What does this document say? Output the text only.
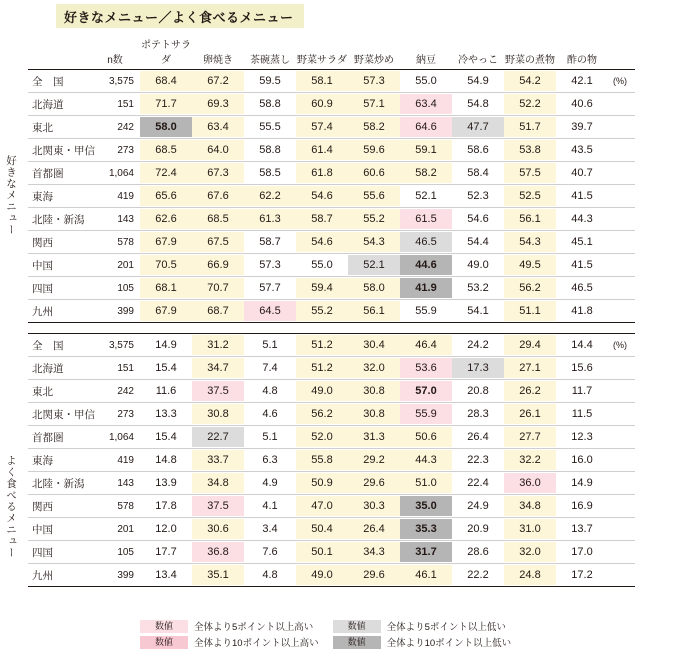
好きなメニュー／よく食べるメニュー
好きなメニュー
よく食べるメニュー
	n数	ポテトサラダ	卵焼き	茶碗蒸し	野菜サラダ	野菜炒め	納豆	冷やっこ	野菜の煮物	酢の物	
全　国	3,575	68.4	67.2	59.5	58.1	57.3	55.0	54.9	54.2	42.1	(%)
北海道	151	71.7	69.3	58.8	60.9	57.1	63.4	54.8	52.2	40.6	

東北	242	58.0	63.4	55.5	57.4	58.2	64.6	47.7	51.7	39.7	

北関東・甲信	273	68.5	64.0	58.8	61.4	59.6	59.1	58.6	53.8	43.5	

首都圏	1,064	72.4	67.3	58.5	61.8	60.6	58.2	58.4	57.5	40.7	

東海	419	65.6	67.6	62.2	54.6	55.6	52.1	52.3	52.5	41.5	

北陸・新潟	143	62.6	68.5	61.3	58.7	55.2	61.5	54.6	56.1	44.3	

関西	578	67.9	67.5	58.7	54.6	54.3	46.5	54.4	54.3	45.1	

中国	201	70.5	66.9	57.3	55.0	52.1	44.6	49.0	49.5	41.5	

四国	105	68.1	70.7	57.7	59.4	58.0	41.9	53.2	56.2	46.5	

九州	399	67.9	68.7	64.5	55.2	56.1	55.9	54.1	51.1	41.8	

全　国	3,575	14.9	31.2	5.1	51.2	30.4	46.4	24.2	29.4	14.4	(%)
北海道	151	15.4	34.7	7.4	51.2	32.0	53.6	17.3	27.1	15.6	

東北	242	11.6	37.5	4.8	49.0	30.8	57.0	20.8	26.2	11.7	

北関東・甲信	273	13.3	30.8	4.6	56.2	30.8	55.9	28.3	26.1	11.5	

首都圏	1,064	15.4	22.7	5.1	52.0	31.3	50.6	26.4	27.7	12.3	

東海	419	14.8	33.7	6.3	55.8	29.2	44.3	22.3	32.2	16.0	

北陸・新潟	143	13.9	34.8	4.9	50.9	29.6	51.0	22.4	36.0	14.9	

関西	578	17.8	37.5	4.1	47.0	30.3	35.0	24.9	34.8	16.9	

中国	201	12.0	30.6	3.4	50.4	26.4	35.3	20.9	31.0	13.7	

四国	105	17.7	36.8	7.6	50.1	34.3	31.7	28.6	32.0	17.0	

九州	399	13.4	35.1	4.8	49.0	29.6	46.1	22.2	24.8	17.2	

数値	全体より5ポイント以上高い	数値	全体より5ポイント以上低い
数値	全体より10ポイント以上高い	数値	全体より10ポイント以上低い
